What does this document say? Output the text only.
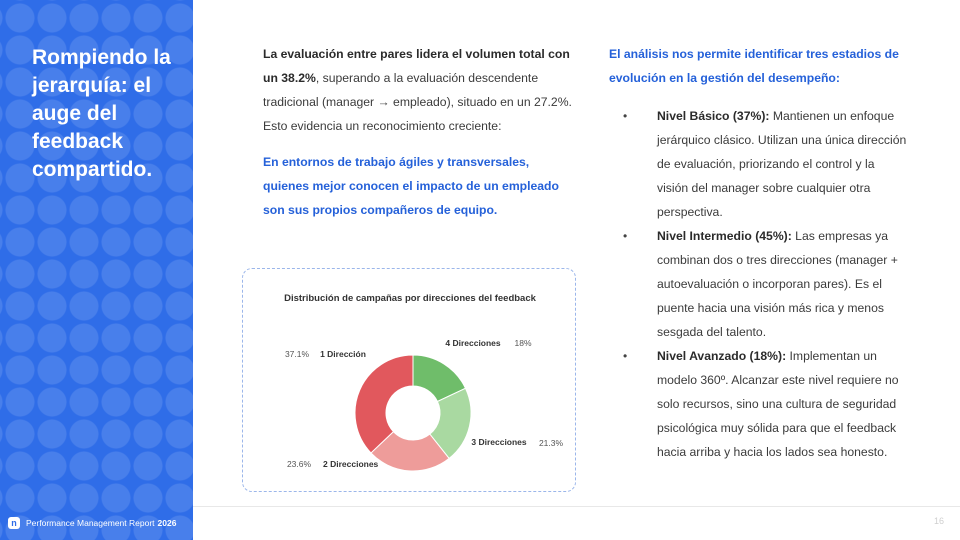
Rompiendo la jerarquía: el auge del feedback compartido.
n	Performance Management Report 2026	16

La evaluación entre pares lidera el volumen total con un 38.2%, superando a la evaluación descendente tradicional (manager → empleado), situado en un 27.2%. Esto evidencia un reconocimiento creciente:

En entornos de trabajo ágiles y transversales, quienes mejor conocen el impacto de un empleado son sus propios compañeros de equipo.

Distribución de campañas por direcciones del feedback
4 Direcciones 18%
3 Direcciones 21.3%
2 Direcciones
23.6%
1 Dirección
37.1%

El análisis nos permite identificar tres estadios de evolución en la gestión del desempeño:

• Nivel Básico (37%): Mantienen un enfoque jerárquico clásico. Utilizan una única dirección de evaluación, priorizando el control y la visión del manager sobre cualquier otra perspectiva.
• Nivel Intermedio (45%): Las empresas ya combinan dos o tres direcciones (manager + autoevaluación o incorporan pares). Es el puente hacia una visión más rica y menos sesgada del talento.
• Nivel Avanzado (18%): Implementan un modelo 360º. Alcanzar este nivel requiere no solo recursos, sino una cultura de seguridad psicológica muy sólida para que el feedback hacia arriba y hacia los lados sea honesto.
